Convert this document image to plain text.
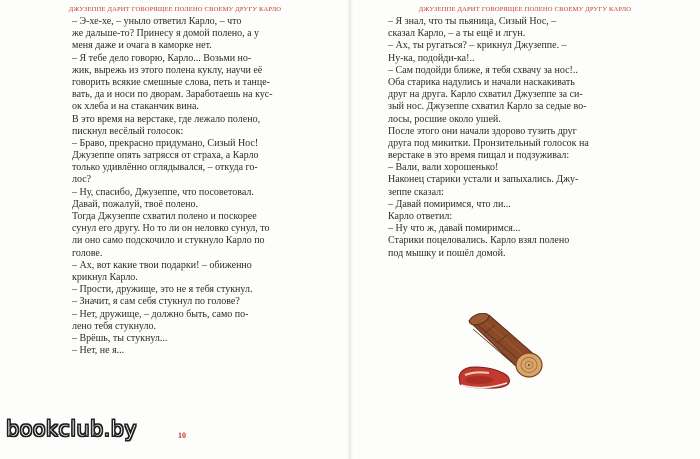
ДЖУЗЕППЕ ДАРИТ ГОВОРЯЩЕЕ ПОЛЕНО СВОЕМУ ДРУГУ КАРЛО	ДЖУЗЕППЕ ДАРИТ ГОВОРЯЩЕЕ ПОЛЕНО СВОЕМУ ДРУГУ КАРЛО
– Э-хе-хе, – уныло ответил Карло, – что
же дальше-то? Принесу я домой полено, а у
меня даже и очага в каморке нет.
– Я тебе дело говорю, Карло... Возьми но-
жик, вырежь из этого полена куклу, научи её
говорить всякие смешные слова, петь и танце-
вать, да и носи по дворам. Заработаешь на кус-
ок хлеба и на стаканчик вина.
В это время на верстаке, где лежало полено,
пискнул весёлый голосок:
– Браво, прекрасно придумано, Сизый Нос!
Джузеппе опять затрясся от страха, а Карло
только удивлённо оглядывался, – откуда го-
лос?
– Ну, спасибо, Джузеппе, что посоветовал.
Давай, пожалуй, твоё полено.
Тогда Джузеппе схватил полено и поскорее
сунул его другу. Но то ли он неловко сунул, то
ли оно само подскочило и стукнуло Карло по
голове.
– Ах, вот какие твои подарки! – обиженно
крикнул Карло.
– Прости, дружище, это не я тебя стукнул.
– Значит, я сам себя стукнул по голове?
– Нет, дружище, – должно быть, само по-
лено тебя стукнуло.
– Врёшь, ты стукнул...
– Нет, не я...
– Я знал, что ты пьяница, Сизый Нос, –
сказал Карло, – а ты ещё и лгун.
– Ах, ты ругаться? – крикнул Джузеппе. –
Ну-ка, подойди-ка!..
– Сам подойди ближе, я тебя схвачу за нос!..
Оба старика надулись и начали наскакивать
друг на друга. Карло схватил Джузеппе за си-
зый нос. Джузеппе схватил Карло за седые во-
лосы, росшие около ушей.
После этого они начали здорово тузить друг
друга под микитки. Пронзительный голосок на
верстаке в это время пищал и подзуживал:
– Вали, вали хорошенько!
Наконец старики устали и запыхались. Джу-
зеппе сказал:
– Давай помиримся, что ли...
Карло ответил:
– Ну что ж, давай помиримся...
Старики поцеловались. Карло взял полено
под мышку и пошёл домой.
10
bookclub.by
